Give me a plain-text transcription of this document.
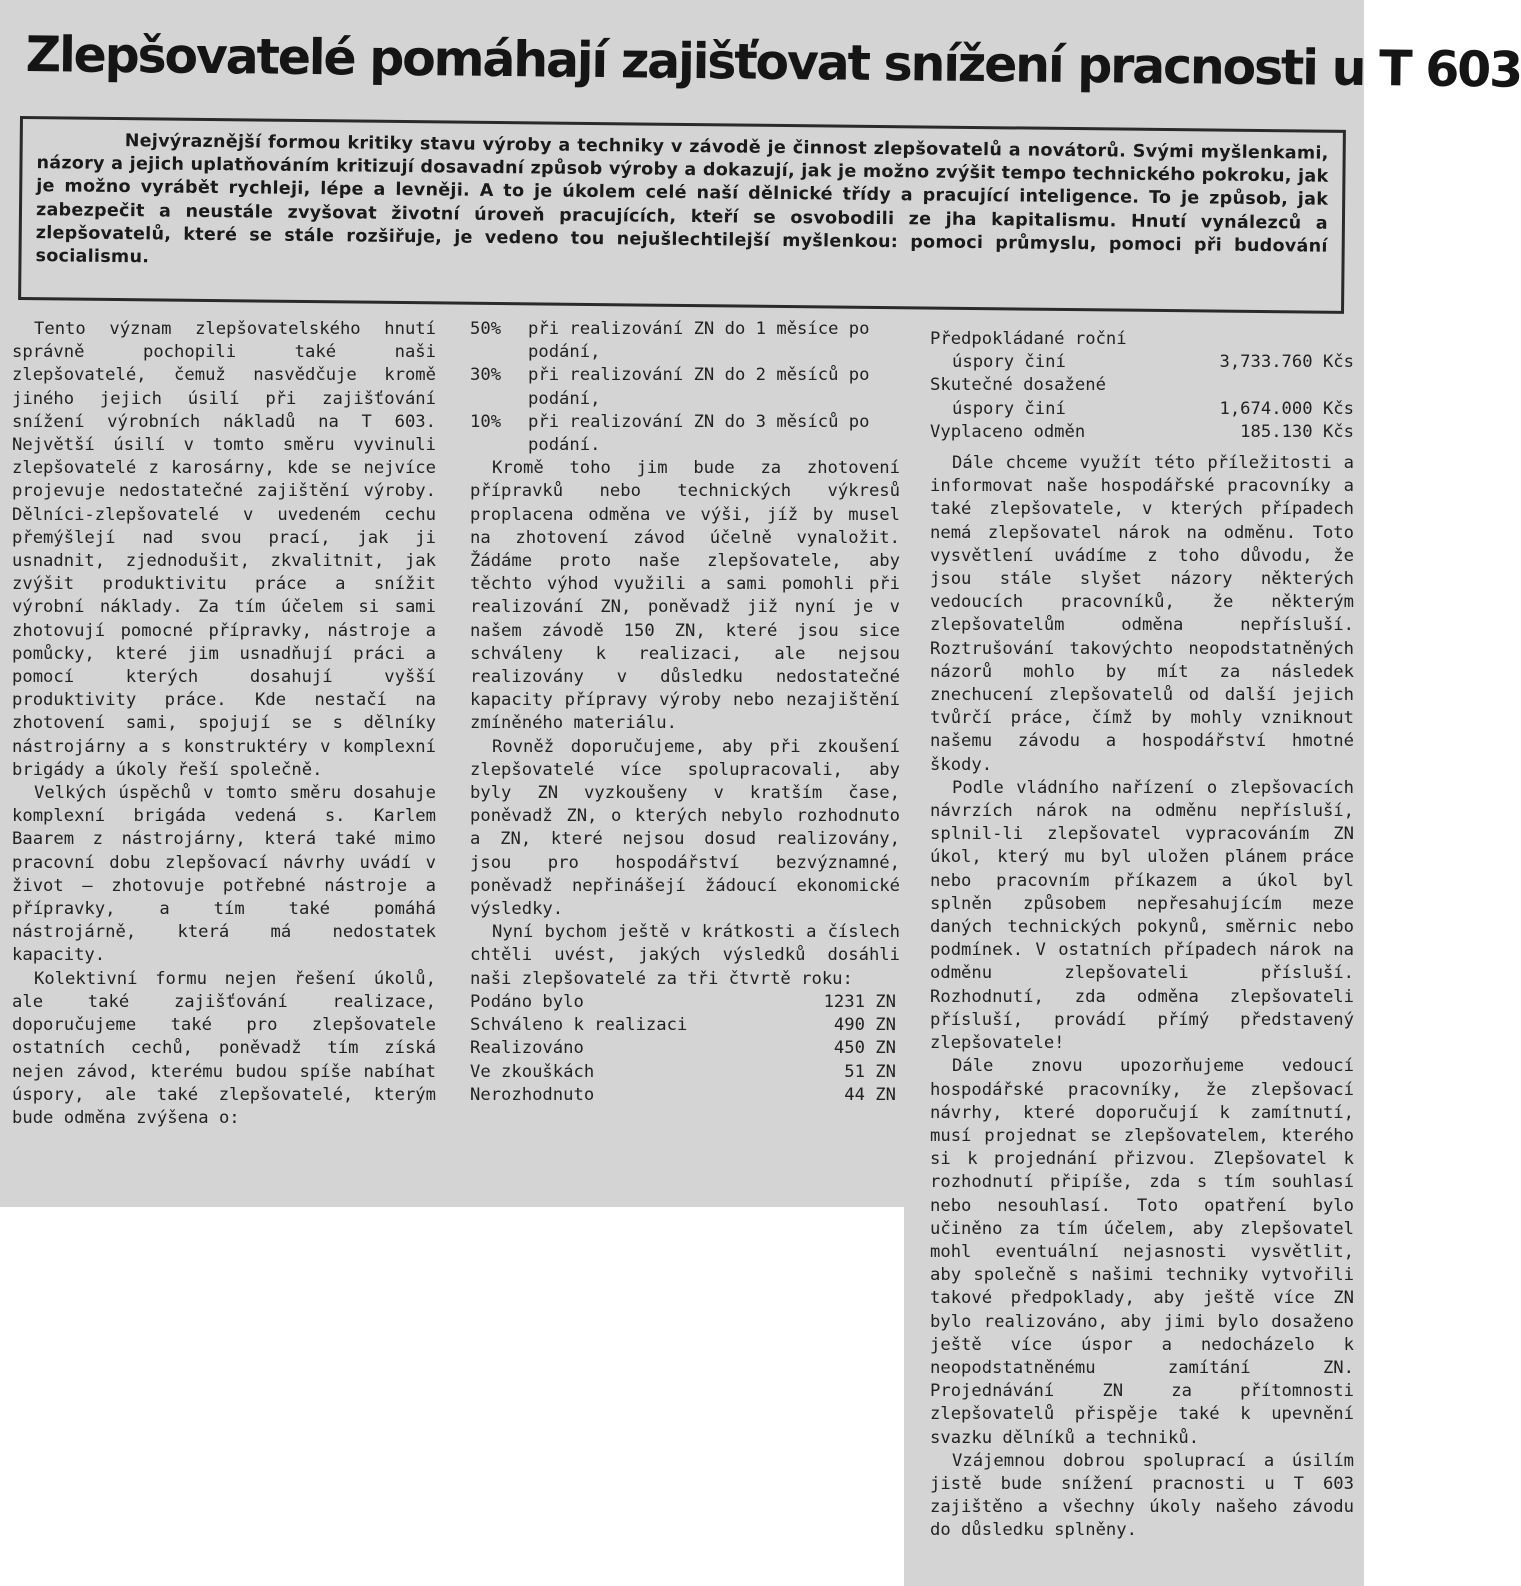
Zlepšovatelé pomáhají zajišťovat snížení pracnosti u T 603
Nejvýraznější formou kritiky stavu výroby a techniky v závodě je činnost zlepšovatelů a novátorů. Svými myšlenkami, názory a jejich uplatňováním kritizují dosavadní způsob výroby a dokazují, jak je možno zvýšit tempo technického pokroku, jak je možno vyrábět rychleji, lépe a levněji. A to je úkolem celé naší dělnické třídy a pracující inteligence. To je způsob, jak zabezpečit a neustále zvyšovat životní úroveň pracujících, kteří se osvobodili ze jha kapitalismu. Hnutí vynálezců a zlepšovatelů, které se stále rozšiřuje, je vedeno tou nejušlechtilejší myšlenkou: pomoci průmyslu, pomoci při budování socialismu.

Tento význam zlepšovatelského hnutí správně pochopili také naši zlepšovatelé, čemuž nasvědčuje kromě jiného jejich úsilí při zajišťování snížení výrobních nákladů na T 603. Největší úsilí v tomto směru vyvinuli zlepšovatelé z karosárny, kde se nejvíce projevuje nedostatečné zajištění výroby. Dělníci-zlepšovatelé v uvedeném cechu přemýšlejí nad svou prací, jak ji usnadnit, zjednodušit, zkvalitnit, jak zvýšit produktivitu práce a snížit výrobní náklady. Za tím účelem si sami zhotovují pomocné přípravky, nástroje a pomůcky, které jim usnadňují práci a pomocí kterých dosahují vyšší produktivity práce. Kde nestačí na zhotovení sami, spojují se s dělníky nástrojárny a s konstruktéry v komplexní brigády a úkoly řeší společně.

Velkých úspěchů v tomto směru dosahuje komplexní brigáda vedená s. Karlem Baarem z nástrojárny, která také mimo pracovní dobu zlepšovací návrhy uvádí v život — zhotovuje potřebné nástroje a přípravky, a tím také pomáhá nástrojárně, která má nedostatek kapacity.

Kolektivní formu nejen řešení úkolů, ale také zajišťování realizace, doporučujeme také pro zlepšovatele ostatních cechů, poněvadž tím získá nejen závod, kterému budou spíše nabíhat úspory, ale také zlepšovatelé, kterým bude odměna zvýšena o:

50%	při realizování ZN do 1 měsíce po podání,
30%	při realizování ZN do 2 měsíců po podání,
10%	při realizování ZN do 3 měsíců po podání.

Kromě toho jim bude za zhotovení přípravků nebo technických výkresů proplacena odměna ve výši, jíž by musel na zhotovení závod účelně vynaložit. Žádáme proto naše zlepšovatele, aby těchto výhod využili a sami pomohli při realizování ZN, poněvadž již nyní je v našem závodě 150 ZN, které jsou sice schváleny k realizaci, ale nejsou realizovány v důsledku nedostatečné kapacity přípravy výroby nebo nezajištění zmíněného materiálu.

Rovněž doporučujeme, aby při zkoušení zlepšovatelé více spolupracovali, aby byly ZN vyzkoušeny v kratším čase, poněvadž ZN, o kterých nebylo rozhodnuto a ZN, které nejsou dosud realizovány, jsou pro hospodářství bezvýznamné, poněvadž nepřinášejí žádoucí ekonomické výsledky.

Nyní bychom ještě v krátkosti a číslech chtěli uvést, jakých výsledků dosáhli naši zlepšovatelé za tři čtvrtě roku:

Podáno bylo	1231 ZN
Schváleno k realizaci	490 ZN
Realizováno	450 ZN
Ve zkouškách	51 ZN
Nerozhodnuto	44 ZN
Předpokládané roční
úspory činí	3,733.760 Kčs
Skutečné dosažené
úspory činí	1,674.000 Kčs
Vyplaceno odměn	185.130 Kčs

Dále chceme využít této příležitosti a informovat naše hospodářské pracovníky a také zlepšovatele, v kterých případech nemá zlepšovatel nárok na odměnu. Toto vysvětlení uvádíme z toho důvodu, že jsou stále slyšet názory některých vedoucích pracovníků, že některým zlepšovatelům odměna nepřísluší. Roztrušování takovýchto neopodstatněných názorů mohlo by mít za následek znechucení zlepšovatelů od další jejich tvůrčí práce, čímž by mohly vzniknout našemu závodu a hospodářství hmotné škody.

Podle vládního nařízení o zlepšovacích návrzích nárok na odměnu nepřísluší, splnil-li zlepšovatel vypracováním ZN úkol, který mu byl uložen plánem práce nebo pracovním příkazem a úkol byl splněn způsobem nepřesahujícím meze daných technických pokynů, směrnic nebo podmínek. V ostatních případech nárok na odměnu zlepšovateli přísluší. Rozhodnutí, zda odměna zlepšovateli přísluší, provádí přímý představený zlepšovatele!

Dále znovu upozorňujeme vedoucí hospodářské pracovníky, že zlepšovací návrhy, které doporučují k zamítnutí, musí projednat se zlepšovatelem, kterého si k projednání přizvou. Zlepšovatel k rozhodnutí připíše, zda s tím souhlasí nebo nesouhlasí. Toto opatření bylo učiněno za tím účelem, aby zlepšovatel mohl eventuální nejasnosti vysvětlit, aby společně s našimi techniky vytvořili takové předpoklady, aby ještě více ZN bylo realizováno, aby jimi bylo dosaženo ještě více úspor a nedocházelo k neopodstatněnému zamítání ZN. Projednávání ZN za přítomnosti zlepšovatelů přispěje také k upevnění svazku dělníků a techniků.

Vzájemnou dobrou spoluprací a úsilím jistě bude snížení pracnosti u T 603 zajištěno a všechny úkoly našeho závodu do důsledku splněny.
